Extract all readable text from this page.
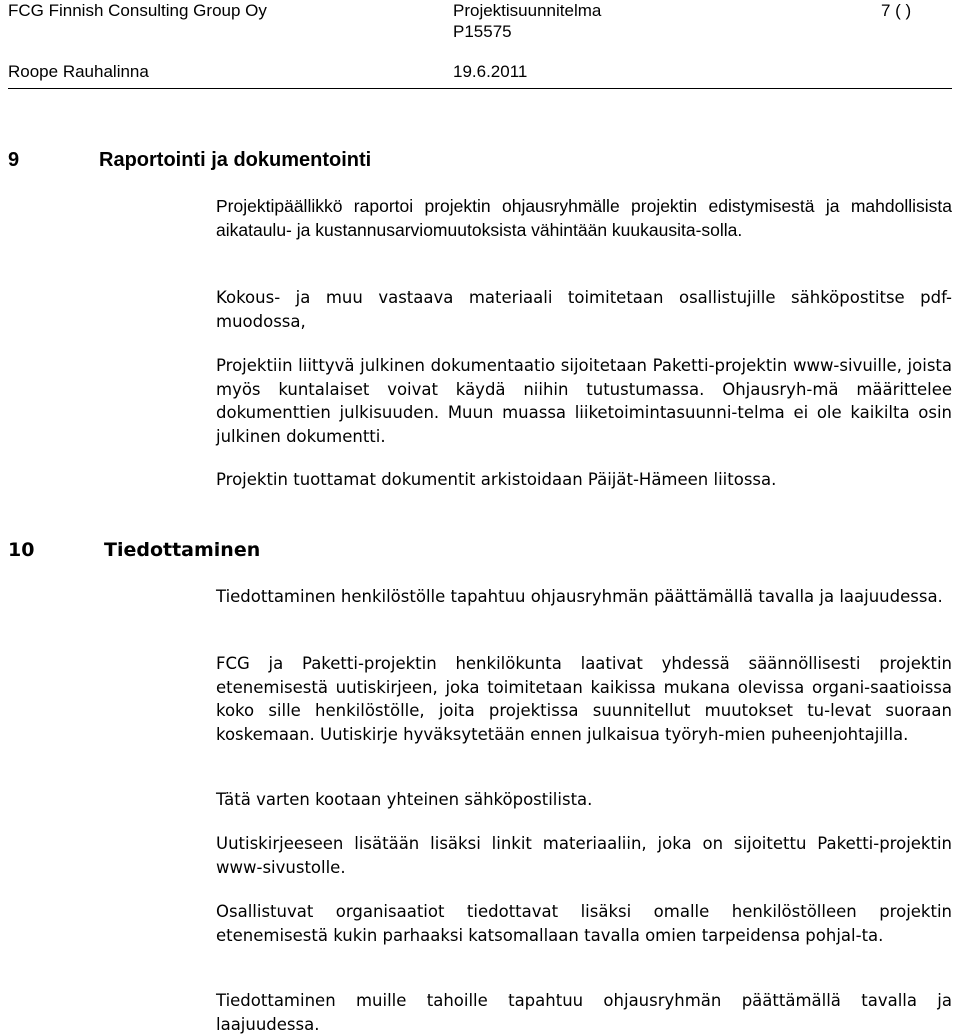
FCG Finnish Consulting Group Oy	Projektisuunnitelma
P15575
7 ( )
Roope Rauhalinna	19.6.2011
9	Raportointi ja dokumentointi

Projektipäällikkö raportoi projektin ohjausryhmälle projektin edistymisestä ja mahdollisista aikataulu- ja kustannusarviomuutoksista vähintään kuukausita-solla.

Kokous- ja muu vastaava materiaali toimitetaan osallistujille sähköpostitse pdf-muodossa,

Projektiin liittyvä julkinen dokumentaatio sijoitetaan Paketti-projektin www-sivuille, joista myös kuntalaiset voivat käydä niihin tutustumassa. Ohjausryh-mä määrittelee dokumenttien julkisuuden. Muun muassa liiketoimintasuunni-telma ei ole kaikilta osin julkinen dokumentti.

Projektin tuottamat dokumentit arkistoidaan Päijät-Hämeen liitossa.

10	Tiedottaminen

Tiedottaminen henkilöstölle tapahtuu ohjausryhmän päättämällä tavalla ja laajuudessa.

FCG ja Paketti-projektin henkilökunta laativat yhdessä säännöllisesti projektin etenemisestä uutiskirjeen, joka toimitetaan kaikissa mukana olevissa organi-saatioissa koko sille henkilöstölle, joita projektissa suunnitellut muutokset tu-levat suoraan koskemaan. Uutiskirje hyväksytetään ennen julkaisua työryh-mien puheenjohtajilla.

Tätä varten kootaan yhteinen sähköpostilista.

Uutiskirjeeseen lisätään lisäksi linkit materiaaliin, joka on sijoitettu Paketti-projektin www-sivustolle.

Osallistuvat organisaatiot tiedottavat lisäksi omalle henkilöstölleen projektin etenemisestä kukin parhaaksi katsomallaan tavalla omien tarpeidensa pohjal-ta.

Tiedottaminen muille tahoille tapahtuu ohjausryhmän päättämällä tavalla ja laajuudessa.
